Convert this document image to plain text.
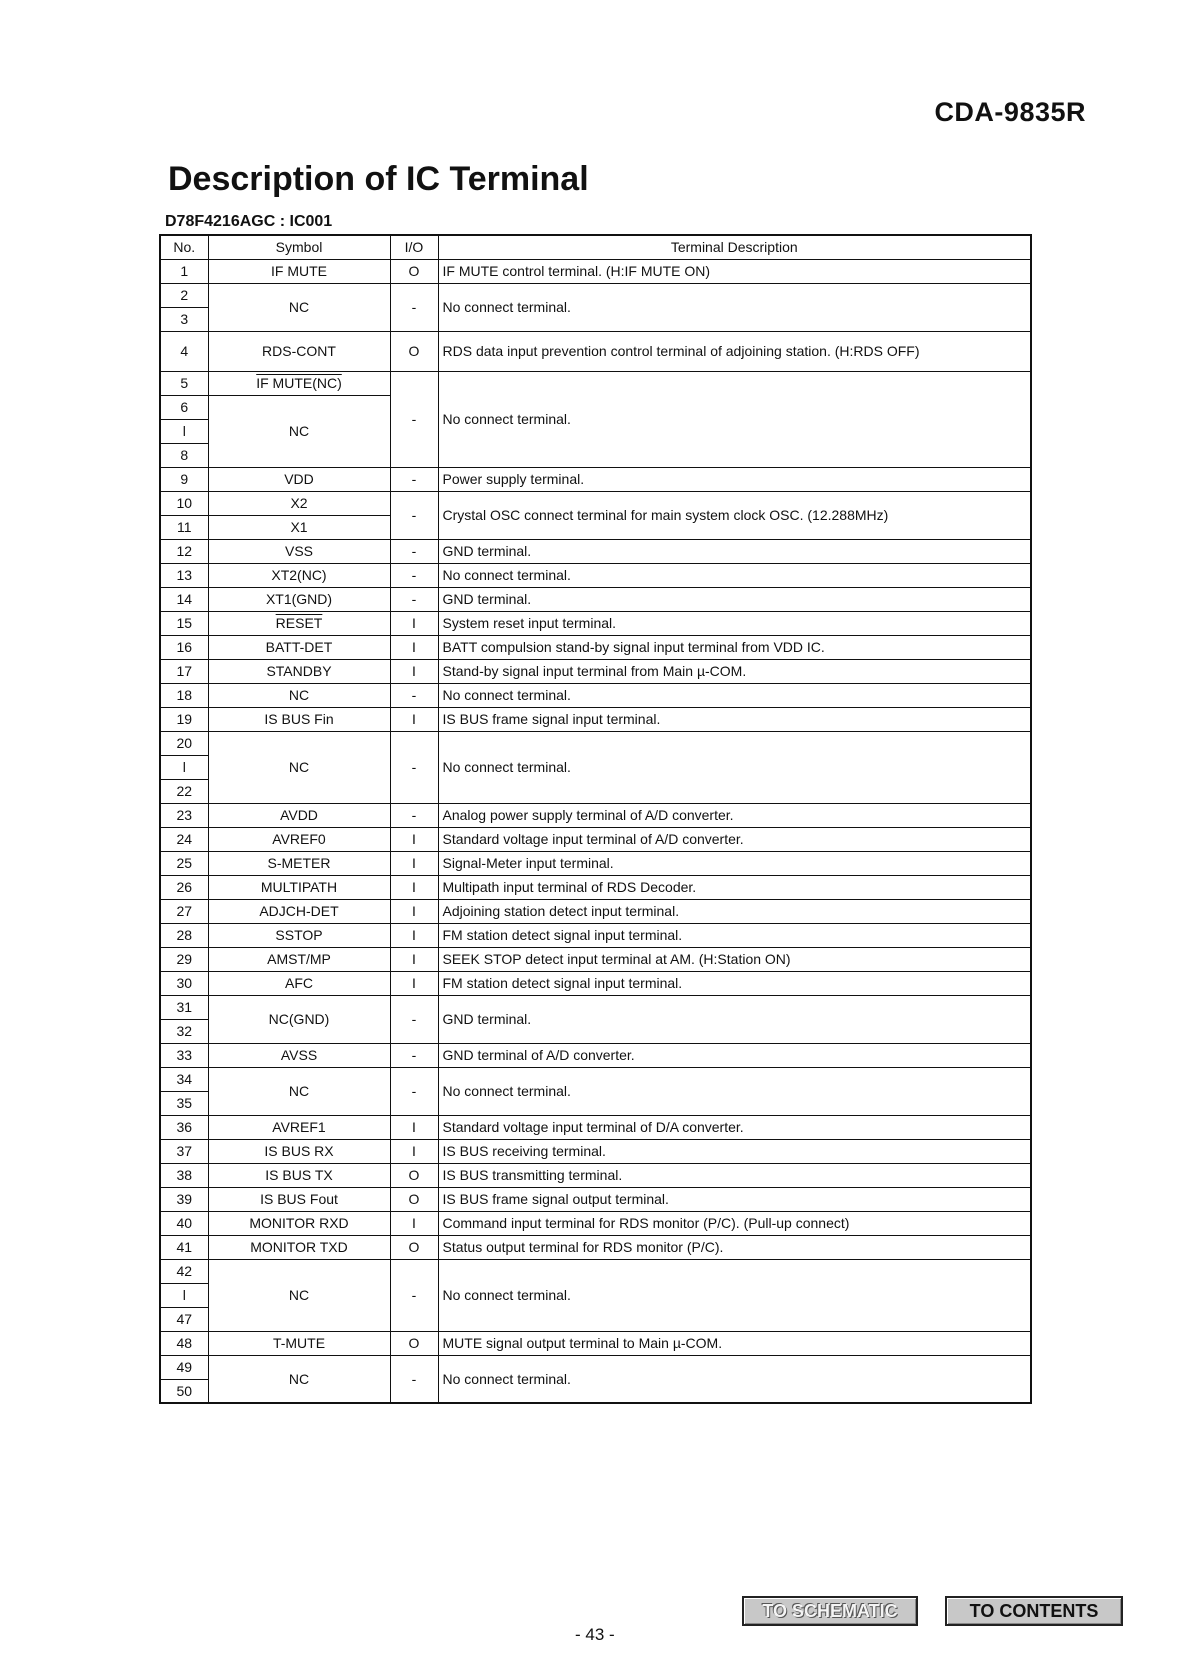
CDA-9835R
Description of IC Terminal
D78F4216AGC : IC001
No.	Symbol	I/O	Terminal Description
1	IF MUTE	O	IF MUTE control terminal. (H:IF MUTE ON)
2	NC	-	No connect terminal.
3			
4	RDS-CONT	O	RDS data input prevention control terminal of adjoining station. (H:RDS OFF)
5	IF MUTE(NC)	-	No connect terminal.
6	NC		
l			
8			
9	VDD	-	Power supply terminal.
10	X2	-	Crystal OSC connect terminal for main system clock OSC. (12.288MHz)
11	X1		
12	VSS	-	GND terminal.
13	XT2(NC)	-	No connect terminal.
14	XT1(GND)	-	GND terminal.
15	RESET	I	System reset input terminal.
16	BATT-DET	I	BATT compulsion stand-by signal input terminal from VDD IC.
17	STANDBY	I	Stand-by signal input terminal from Main µ-COM.
18	NC	-	No connect terminal.
19	IS BUS Fin	I	IS BUS frame signal input terminal.
20	NC	-	No connect terminal.
l			
22			
23	AVDD	-	Analog power supply terminal of A/D converter.
24	AVREF0	I	Standard voltage input terminal of A/D converter.
25	S-METER	I	Signal-Meter input terminal.
26	MULTIPATH	I	Multipath input terminal of RDS Decoder.
27	ADJCH-DET	I	Adjoining station detect input terminal.
28	SSTOP	I	FM station detect signal input terminal.
29	AMST/MP	I	SEEK STOP detect input terminal at AM. (H:Station ON)
30	AFC	I	FM station detect signal input terminal.
31	NC(GND)	-	GND terminal.
32			
33	AVSS	-	GND terminal of A/D converter.
34	NC	-	No connect terminal.
35			
36	AVREF1	I	Standard voltage input terminal of D/A converter.
37	IS BUS RX	I	IS BUS receiving terminal.
38	IS BUS TX	O	IS BUS transmitting terminal.
39	IS BUS Fout	O	IS BUS frame signal output terminal.
40	MONITOR RXD	I	Command input terminal for RDS monitor (P/C). (Pull-up connect)
41	MONITOR TXD	O	Status output terminal for RDS monitor (P/C).
42	NC	-	No connect terminal.
l			
47			
48	T-MUTE	O	MUTE signal output terminal to Main µ-COM.
49	NC	-	No connect terminal.
50			
TO SCHEMATIC	TO CONTENTS
- 43 -
